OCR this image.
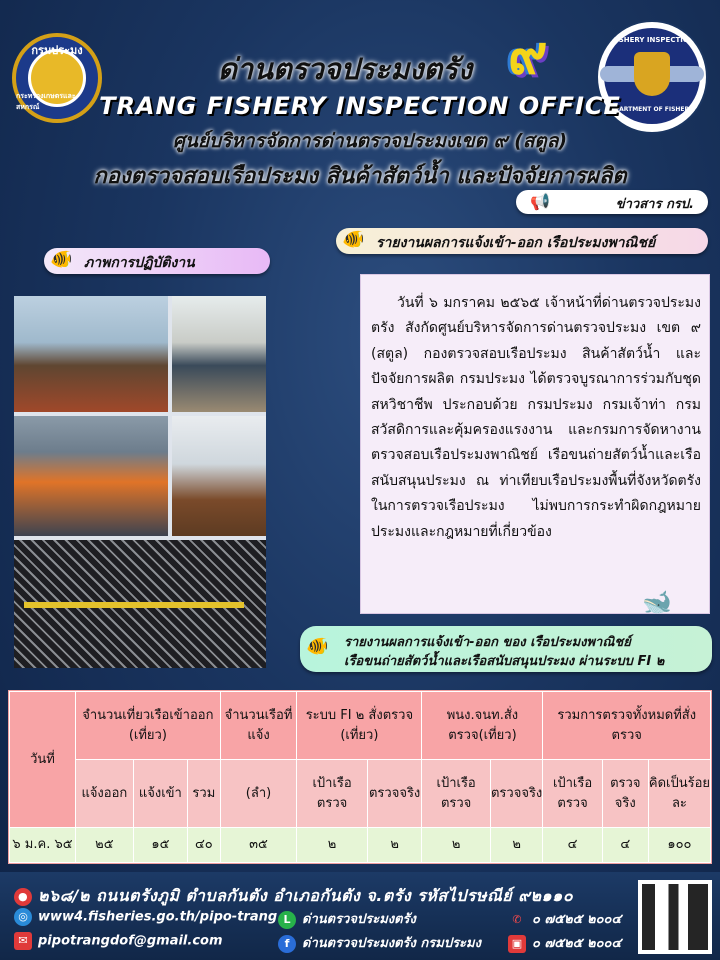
กรมประมง
กระทรวงเกษตรและสหกรณ์
๙	FISHERY INSPECTION
DEPARTMENT OF FISHERIES
ด่านตรวจประมงตรัง
TRANG FISHERY INSPECTION OFFICE
ศูนย์บริหารจัดการด่านตรวจประมงเขต ๙ (สตูล)
กองตรวจสอบเรือประมง สินค้าสัตว์น้ำ และปัจจัยการผลิต
📢	ข่าวสาร กรป.
🐠 ภาพการปฏิบัติงาน
🐠 รายงานผลการแจ้งเข้า-ออก เรือประมงพาณิชย์

วันที่ ๖ มกราคม ๒๕๖๕ เจ้าหน้าที่ด่านตรวจประมงตรัง สังกัดศูนย์บริหารจัดการด่านตรวจประมง เขต ๙ (สตูล) กองตรวจสอบเรือประมง สินค้าสัตว์น้ำ และปัจจัยการผลิต กรมประมง ได้ตรวจบูรณาการร่วมกับชุดสหวิชาชีพ ประกอบด้วย กรมประมง กรมเจ้าท่า กรมสวัสดิการและคุ้มครองแรงงาน และกรมการจัดหางาน ตรวจสอบเรือประมงพาณิชย์ เรือขนถ่ายสัตว์น้ำและเรือสนับสนุนประมง ณ ท่าเทียบเรือประมงพื้นที่จังหวัดตรัง ในการตรวจเรือประมง ไม่พบการกระทำผิดกฎหมายประมงและกฎหมายที่เกี่ยวข้อง

🐋
🐠 รายงานผลการแจ้งเข้า-ออก ของ เรือประมงพาณิชย์
เรือขนถ่ายสัตว์น้ำและเรือสนับสนุนประมง ผ่านระบบ FI ๒
วันที่	จำนวนเที่ยวเรือเข้าออก (เที่ยว)			จำนวนเรือที่แจ้ง	ระบบ FI ๒ สั่งตรวจ (เที่ยว)		พนง.จนท.สั่งตรวจ(เที่ยว)		รวมการตรวจทั้งหมดที่สั่งตรวจ		
	แจ้งออก	แจ้งเข้า	รวม	(ลำ)	เป้าเรือตรวจ	ตรวจจริง	เป้าเรือตรวจ	ตรวจจริง	เป้าเรือตรวจ	ตรวจจริง	คิดเป็นร้อยละ
๖ ม.ค. ๖๕	๒๕	๑๕	๔๐	๓๕	๒	๒	๒	๒	๔	๔	๑๐๐
● ๒๖๘/๒ ถนนตรังภูมิ ตำบลกันตัง อำเภอกันตัง จ.ตรัง รหัสไปรษณีย์ ๙๒๑๑๐
◎ www4.fisheries.go.th/pipo-trang L ด่านตรวจประมงตรัง	✆ ๐ ๗๕๒๕ ๒๐๐๔
✉ pipotrangdof@gmail.com	f ด่านตรวจประมงตรัง กรมประมง	▣ ๐ ๗๕๒๕ ๒๐๐๔
